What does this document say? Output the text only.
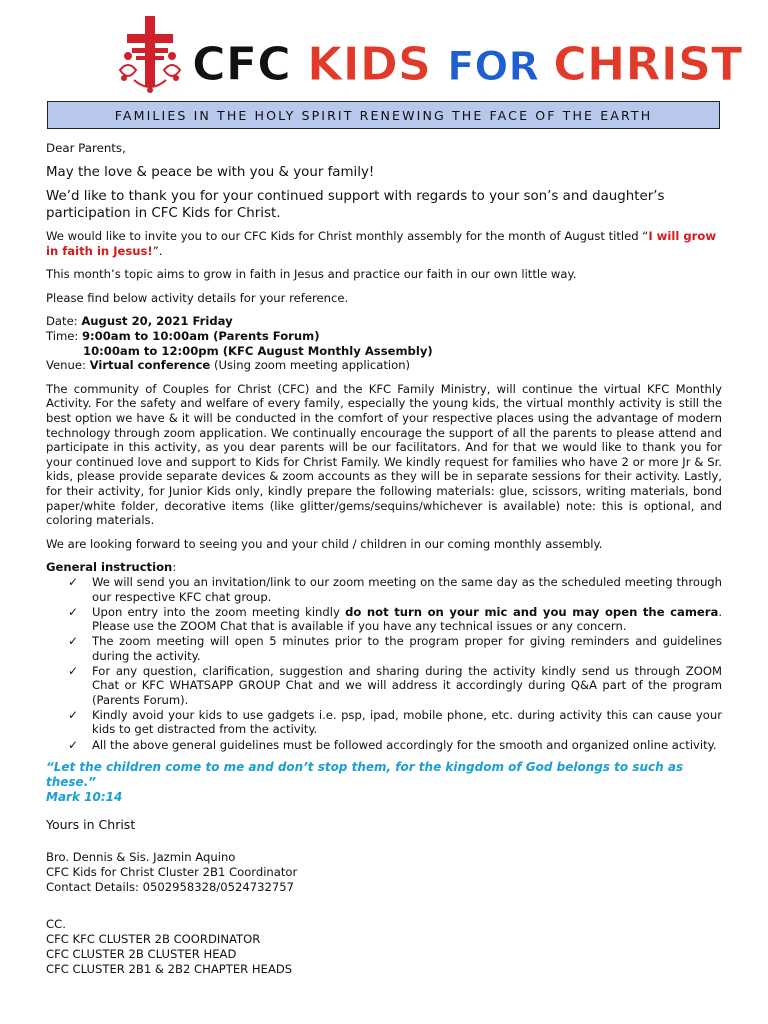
CFC KIDS FOR CHRIST
FAMILIES IN THE HOLY SPIRIT RENEWING THE FACE OF THE EARTH

Dear Parents,

May the love & peace be with you & your family!

We’d like to thank you for your continued support with regards to your son’s and daughter’s participation in CFC Kids for Christ.

We would like to invite you to our CFC Kids for Christ monthly assembly for the month of August titled “I will grow in faith in Jesus!”.

This month’s topic aims to grow in faith in Jesus and practice our faith in our own little way.

Please find below activity details for your reference.

Date: August 20, 2021 Friday
Time: 9:00am to 10:00am (Parents Forum)
10:00am to 12:00pm (KFC August Monthly Assembly)
Venue: Virtual conference (Using zoom meeting application)

The community of Couples for Christ (CFC) and the KFC Family Ministry, will continue the virtual KFC Monthly Activity. For the safety and welfare of every family, especially the young kids, the virtual monthly activity is still the best option we have & it will be conducted in the comfort of your respective places using the advantage of modern technology through zoom application. We continually encourage the support of all the parents to please attend and participate in this activity, as you dear parents will be our facilitators. And for that we would like to thank you for your continued love and support to Kids for Christ Family. We kindly request for families who have 2 or more Jr & Sr. kids, please provide separate devices & zoom accounts as they will be in separate sessions for their activity. Lastly, for their activity, for Junior Kids only, kindly prepare the following materials: glue, scissors, writing materials, bond paper/white folder, decorative items (like glitter/gems/sequins/whichever is available) note: this is optional, and coloring materials.

We are looking forward to seeing you and your child / children in our coming monthly assembly.

General instruction:

✓ We will send you an invitation/link to our zoom meeting on the same day as the scheduled meeting through our respective KFC chat group.
✓ Upon entry into the zoom meeting kindly do not turn on your mic and you may open the camera. Please use the ZOOM Chat that is available if you have any technical issues or any concern.
✓ The zoom meeting will open 5 minutes prior to the program proper for giving reminders and guidelines during the activity.
✓ For any question, clarification, suggestion and sharing during the activity kindly send us through ZOOM Chat or KFC WHATSAPP GROUP Chat and we will address it accordingly during Q&A part of the program (Parents Forum).
✓ Kindly avoid your kids to use gadgets i.e. psp, ipad, mobile phone, etc. during activity this can cause your kids to get distracted from the activity.
✓ All the above general guidelines must be followed accordingly for the smooth and organized online activity.

“Let the children come to me and don’t stop them, for the kingdom of God belongs to such as these.”

Mark 10:14

Yours in Christ

Bro. Dennis & Sis. Jazmin Aquino

CFC Kids for Christ Cluster 2B1 Coordinator

Contact Details: 0502958328/0524732757

CC.

CFC KFC CLUSTER 2B COORDINATOR

CFC CLUSTER 2B CLUSTER HEAD

CFC CLUSTER 2B1 & 2B2 CHAPTER HEADS
